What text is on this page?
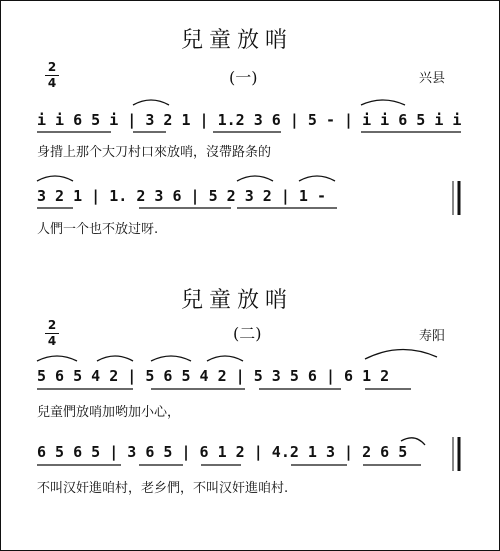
兒童放哨
2
4	(一)	兴县
i i 6 5 i | 3 2 1 | 1.2 3 6 | 5 - | i i 6 5 i i
身揹上那个大刀村口來放哨，沒帶路条的
3 2 1 | 1. 2 3 6 | 5 2 3 2 | 1 -
人們一个也不放过呀.
兒童放哨
2
4	(二)	寿阳
5 6 5 4 2 | 5 6 5 4 2 | 5 3 5 6 | 6 1 2
兒童們放哨加哟加小心，
6 5 6 5 | 3 6 5 | 6 1 2 | 4.2 1 3 | 2 6 5
不叫汉奸進咱村，老乡們，不叫汉奸進咱村.
